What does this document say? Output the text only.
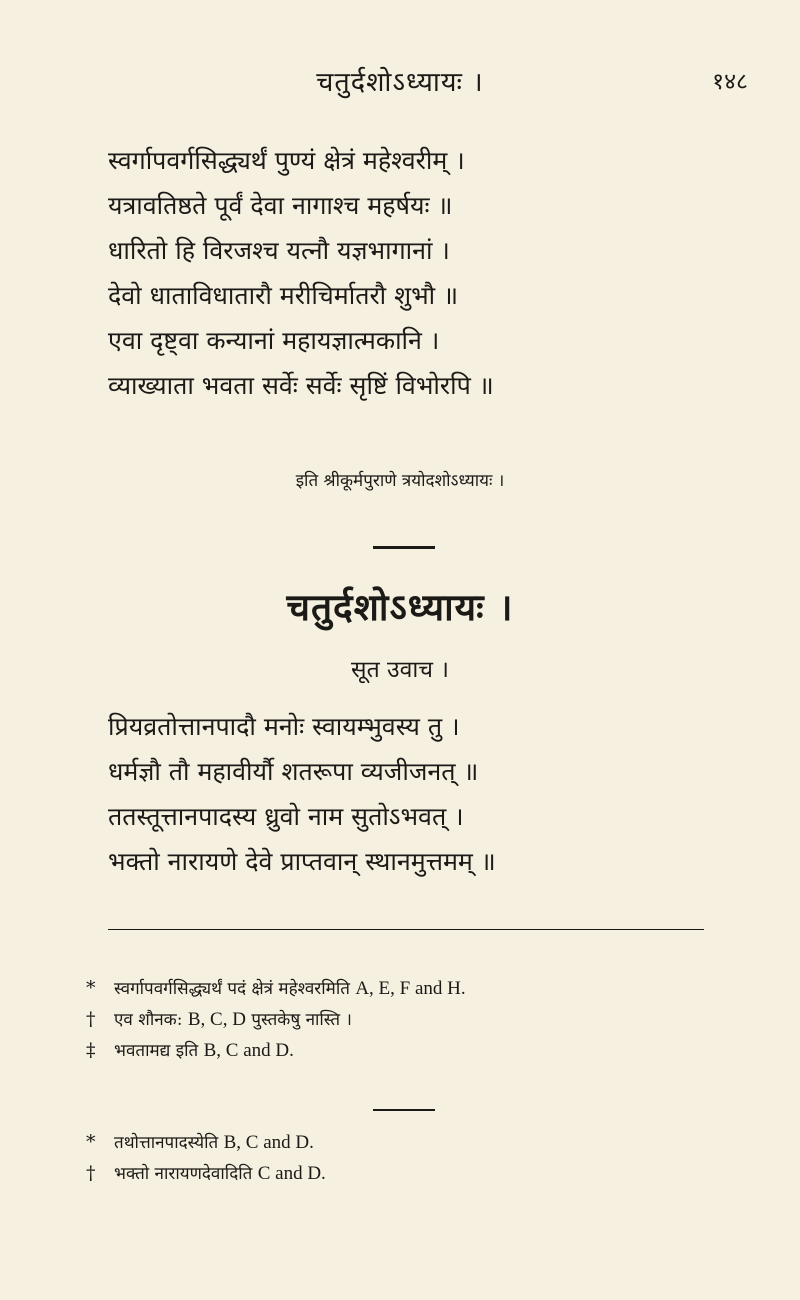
चतुर्दशोऽध्यायः ।	१४८
स्वर्गापवर्गसिद्ध्यर्थं पुण्यं क्षेत्रं महेश्वरीम् ।
यत्रावतिष्ठते पूर्वं देवा नागाश्च महर्षयः ॥
धारितो हि विरजश्च यत्नौ यज्ञभागानां ।
देवो धाताविधातारौ मरीचिर्मातरौ शुभौ ॥
एवा दृष्ट्वा कन्यानां महायज्ञात्मकानि ।
व्याख्याता भवता सर्वेः सर्वेः सृष्टिं विभोरपि ॥
इति श्रीकूर्मपुराणे त्रयोदशोऽध्यायः ।
चतुर्दशोऽध्यायः ।
सूत उवाच ।
प्रियव्रतोत्तानपादौ मनोः स्वायम्भुवस्य तु ।
धर्मज्ञौ तौ महावीर्यौ शतरूपा व्यजीजनत् ॥
ततस्तूत्तानपादस्य ध्रुवो नाम सुतोऽभवत् ।
भक्तो नारायणे देवे प्राप्तवान् स्थानमुत्तमम् ॥
* स्वर्गापवर्गसिद्ध्यर्थं पदं क्षेत्रं महेश्वरमिति A, E, F and H.
† एव शौनक: B, C, D पुस्तकेषु नास्ति ।
‡ भवतामद्य इति B, C and D.
* तथोत्तानपादस्येति B, C and D.
† भक्तो नारायणदेवादिति C and D.
